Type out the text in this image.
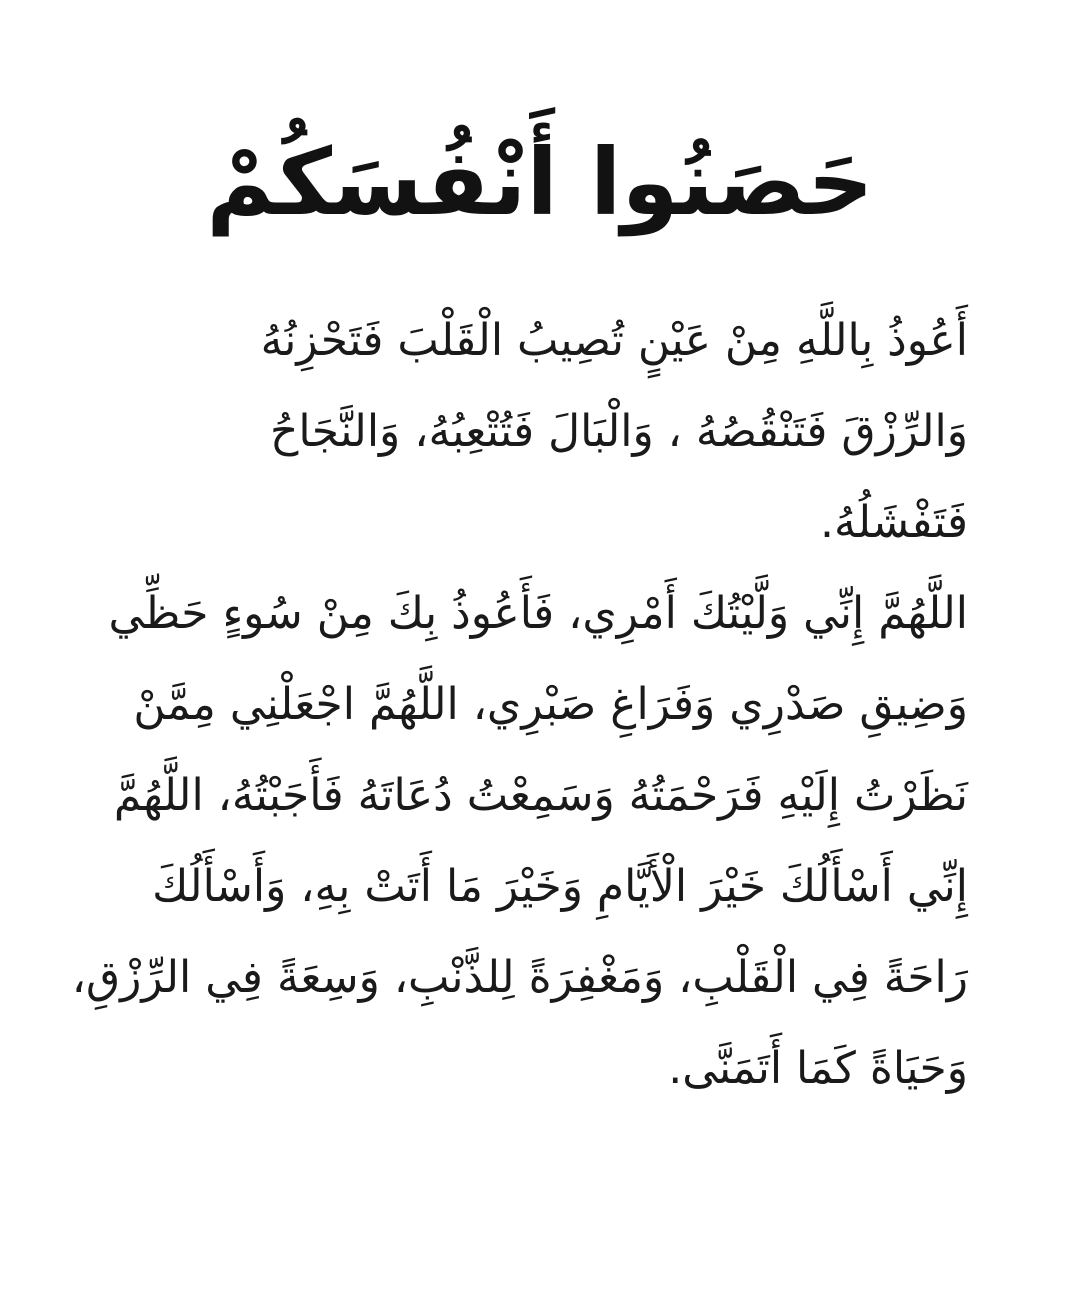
حَصَنُوا أَنْفُسَكُمْ
أَعُوذُ بِاللَّهِ مِنْ عَيْنٍ تُصِيبُ الْقَلْبَ فَتَحْزِنُهُ
وَالرِّزْقَ فَتَنْقُصُهُ ، وَالْبَالَ فَتُتْعِبُهُ، وَالنَّجَاحُ
فَتَفْشَلُهُ.
اللَّهُمَّ إِنِّي وَلَّيْتُكَ أَمْرِي، فَأَعُوذُ بِكَ مِنْ سُوءٍ حَظِّي
وَضِيقِ صَدْرِي وَفَرَاغِ صَبْرِي، اللَّهُمَّ اجْعَلْنِي مِمَّنْ
نَظَرْتُ إِلَيْهِ فَرَحْمَتُهُ وَسَمِعْتُ دُعَاتَهُ فَأَجَبْتُهُ، اللَّهُمَّ
إِنِّي أَسْأَلُكَ خَيْرَ الْأَيَّامِ وَخَيْرَ مَا أَتَتْ بِهِ، وَأَسْأَلُكَ
رَاحَةً فِي الْقَلْبِ، وَمَغْفِرَةً لِلذَّنْبِ، وَسِعَةً فِي الرِّزْقِ،
وَحَيَاةً كَمَا أَتَمَنَّى.
